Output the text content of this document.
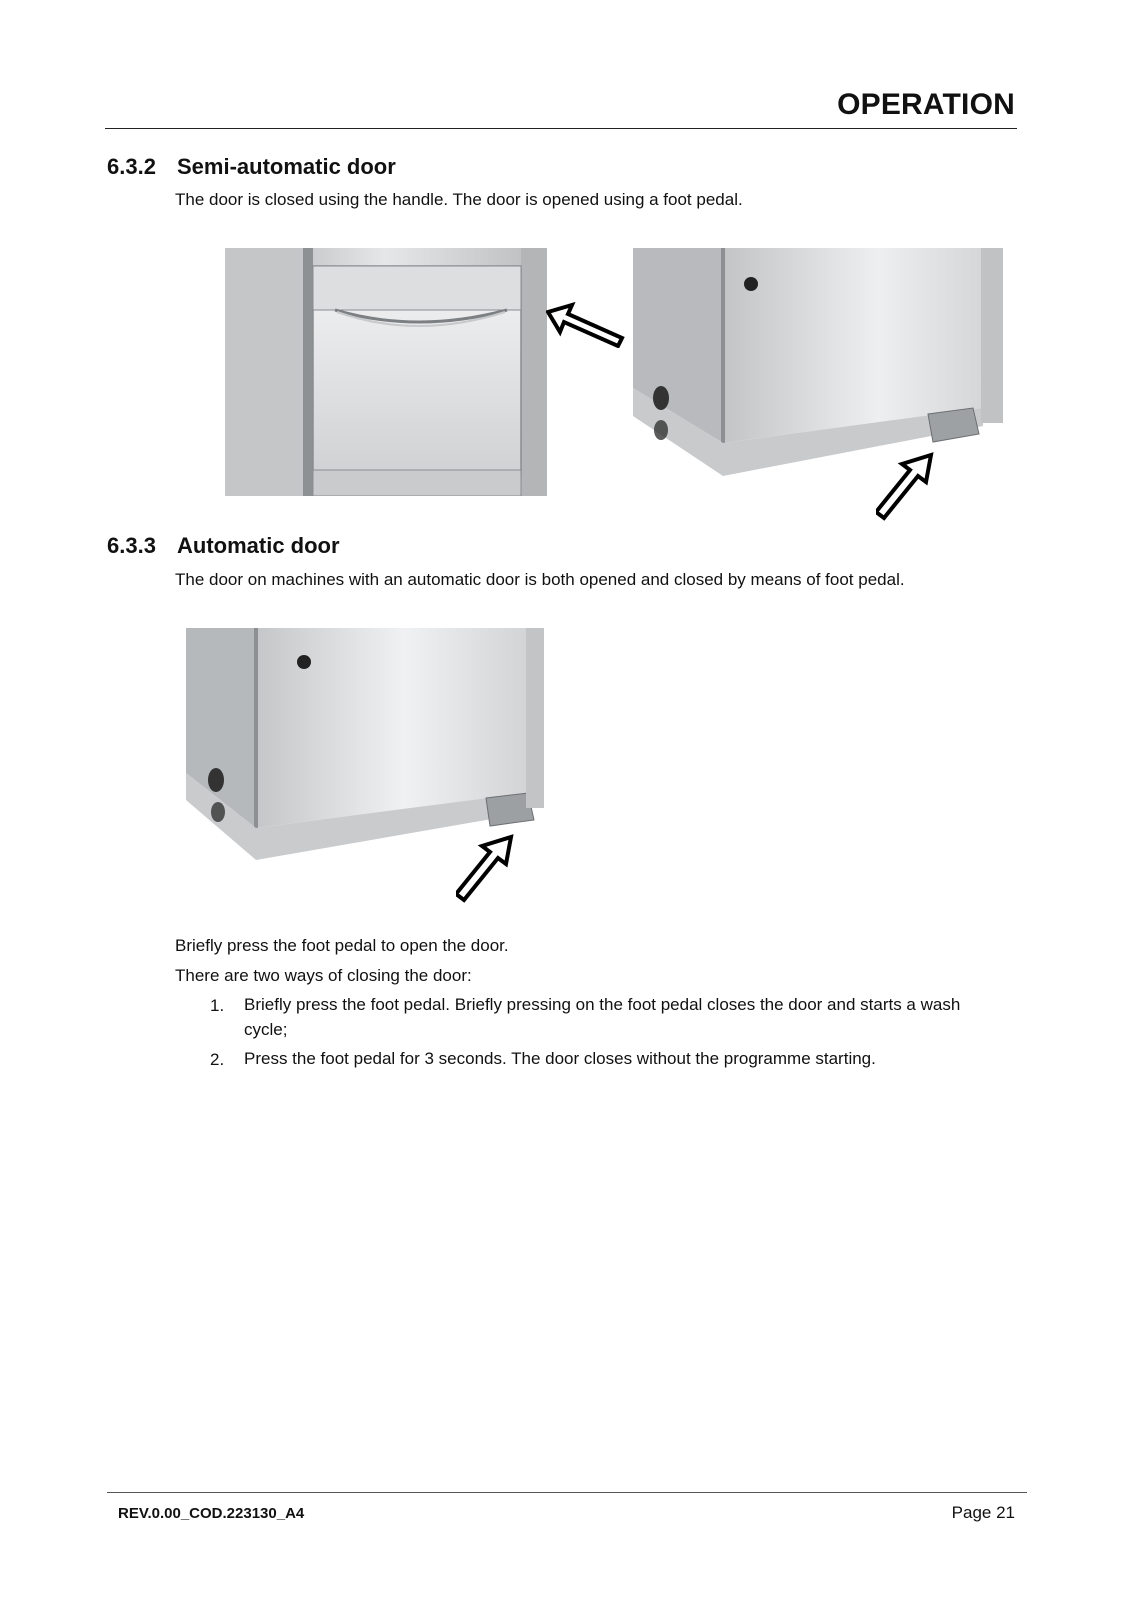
OPERATION
6.3.2 Semi-automatic door
The door is closed using the handle. The door is opened using a foot pedal.
6.3.3 Automatic door
The door on machines with an automatic door is both opened and closed by means of foot pedal.
Briefly press the foot pedal to open the door.
There are two ways of closing the door:
1. Briefly press the foot pedal. Briefly pressing on the foot pedal closes the door and starts a wash cycle;
2. Press the foot pedal for 3 seconds. The door closes without the programme starting.
REV.0.00_COD.223130_A4	Page 21
